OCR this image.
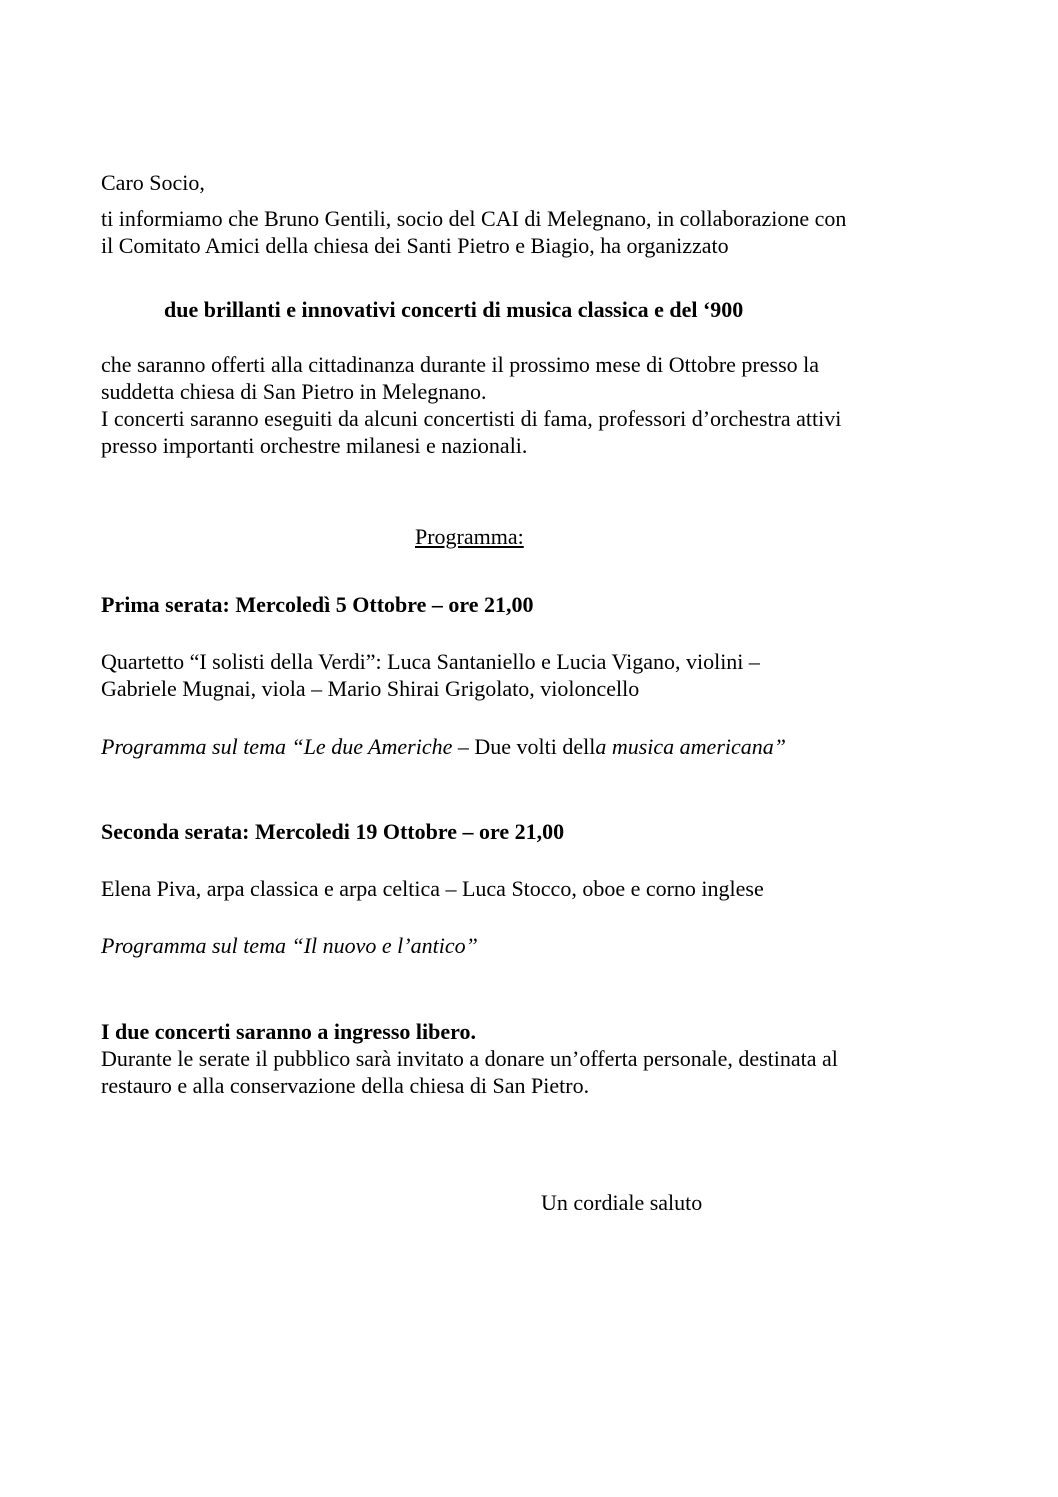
Caro Socio,

ti informiamo che Bruno Gentili, socio del CAI di Melegnano, in collaborazione con
il Comitato Amici della chiesa dei Santi Pietro e Biagio, ha organizzato

due brillanti e innovativi concerti di musica classica e del ‘900

che saranno offerti alla cittadinanza durante il prossimo mese di Ottobre presso la
suddetta chiesa di San Pietro in Melegnano.
I concerti saranno eseguiti da alcuni concertisti di fama, professori d’orchestra attivi
presso importanti orchestre milanesi e nazionali.

Programma:

Prima serata: Mercoledì 5 Ottobre – ore 21,00

Quartetto “I solisti della Verdi”: Luca Santaniello e Lucia Vigano, violini –
Gabriele Mugnai, viola – Mario Shirai Grigolato, violoncello

Programma sul tema “Le due Americhe – Due volti della musica americana”

Seconda serata: Mercoledi 19 Ottobre – ore 21,00

Elena Piva, arpa classica e arpa celtica – Luca Stocco, oboe e corno inglese

Programma sul tema “Il nuovo e l’antico”

I due concerti saranno a ingresso libero.
Durante le serate il pubblico sarà invitato a donare un’offerta personale, destinata al
restauro e alla conservazione della chiesa di San Pietro.

Un cordiale saluto
